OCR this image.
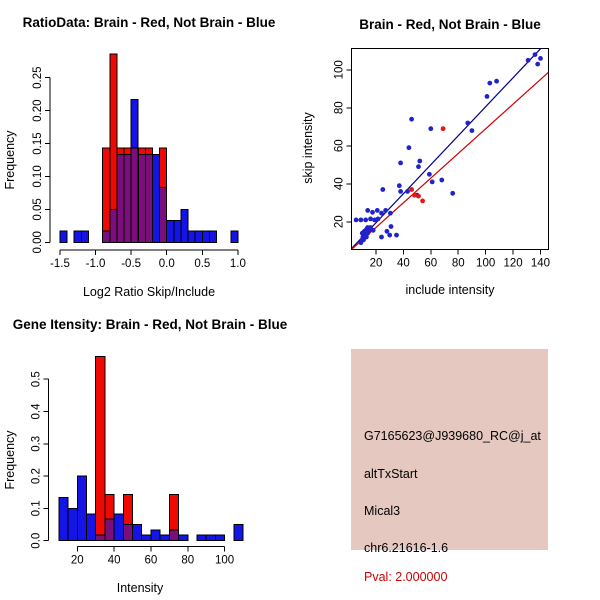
RatioData: Brain - Red, Not Brain - Blue
Log2 Ratio Skip/Include
Frequency
-1.5 -1.0 -0.5 0.0 0.5 1.0
0.00
0.05
0.10
0.15
0.20
0.25
Brain - Red, Not Brain - Blue
include intensity
skip intensity
20 40 60 80 100 120 140
20
40
60
80
100
Gene Itensity: Brain - Red, Not Brain - Blue
Intensity
Frequency
20 40 60 80 100
0.0
0.1
0.2
0.3
0.4
0.5
G7165623@J939680_RC@j_at
altTxStart
Mical3
chr6.21616-1.6
Pval: 2.000000
